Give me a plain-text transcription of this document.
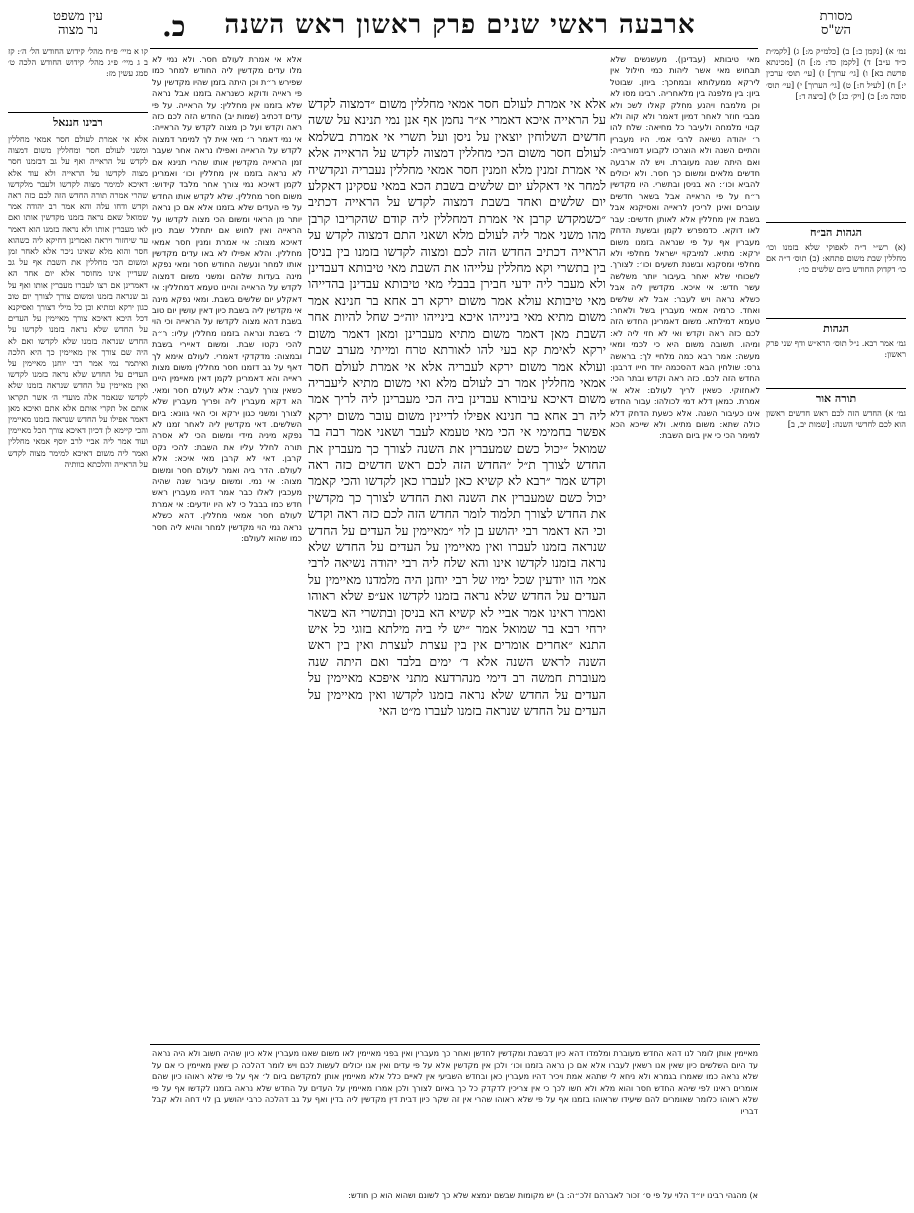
ארבעה ראשי שנים פרק ראשון ראש השנה
כ.
עין משפט
נר מצוה
מסורת
הש"ס
קו א מיי׳ פ״ח מהל׳ קידוש החודש הל׳ ה׳: קז ב ג מיי׳ פ״ג מהל׳ קידוש החודש הלכה ט׳ סמג עשין מז:
רבינו חננאל
אלא אי אמרת לעולם חסר אמאי מחללין ומשני לעולם חסר ומחללין משום דמצוה לקדש על הראייה ואף על גב דבזמנו חסר מצוה לקדשו על הראייה ולא עוד אלא דאיכא למימר מצוה לקדשו ולעבר מלקדשו שהרי אמרה תורה החדש הזה לכם כזה ראה וקדש ודחו עלה והא אמר רב יהודה אמר שמואל שאם נראה בזמנו מקדשין אותו ואם לאו מעברין אותו ולא נראה בזמנו הוא דאמר עד שיחזור ויראה ואמרינן דחיקא ליה כשהוא חסר והוא מלא שאינו ניכר אלא לאחר זמן ומשום הכי מחללין את השבת אף על גב שעדיין אינו מחוסר אלא יום אחד הא דאמרינן אם רצו לעברו מעברין אותו ואף על גב שנראה בזמנו ומשום צורך לצורך יום טוב כגון ירקא ומתיא וכן כל מילי דצורך ואסיקנא דכל היכא דאיכא צורך מאיימין על העדים על החדש שלא נראה בזמנו לקדשו על החדש שנראה בזמנו שלא לקדשו ואם לא היה שם צורך אין מאיימין כך היא הלכה ואיתמר נמי אמר רבי יוחנן מאיימין על העדים על החדש שלא נראה בזמנו לקדשו ואין מאיימין על החדש שנראה בזמנו שלא לקדשו שנאמר אלה מועדי ה׳ אשר תקראו אותם אל תקרי אותם אלא אתם ואיכא מאן דאמר אפילו על החדש שנראה בזמנו מאיימין והכי קיימא לן דכיון דאיכא צורך הכל מאיימין ועוד אמר ליה אביי לרב יוסף אמאי מחללין ואמר ליה משום דאיכא למימר מצוה לקדש על הראייה והלכתא כוותיה
נמ׳ א) [נקמן כ:] ב) [כלמ״ק מ:] ג) [לקמ״ת כ״ד ע״ב] ד) [לקמן כד: מ:] ה) [מכינתא פרשת בא] ו) [גי׳ ערוך] ז) [עי׳ תוס׳ ערכין י:] ח) [לעיל ח:] ט) [גי׳ הערוך] י) [עי׳ תוס׳ סוכה מ:] כ) [ויק׳ כג] ל) [ביצה ד:]
הגהות הב״ח
(א) רש״י ד״ה לאפוקי שלא בזמנו וכו׳ מחללין שבת משום פתחא: (ב) תוס׳ ד״ה אם כו׳ דקדוק החודש ביום שלשים כו׳:
הגהות
גמ׳ אמר רבא. נ״ל תוס׳ הרא״ש ודף שני פרק ראשון:
תורה אור
גמ׳ א) החדש הזה לכם ראש חדשים ראשון הוא לכם לחדשי השנה: [שמות יב, ב]
מאי טיבותא (עבדינן). מעשנשים שלא תבחוש מאי אשר ליהות כמי חילול אין לירקא ממעלותא ובמחכך: ביוזן. שבוטל ביון: בין מלפנה בין מלאחריה. רבינו מסו לא וכן מלמבח ויהנע מחלק קאלו לשכ ולא מבבי חוזר לאחר דמיון דאמר ולא קוה ולא קבוי מלמחה ולעיבר כל מחיאה: שלח להו ר׳ יהודה נשיאה לרבי אמי. היו מעברין והתיים השנה ולא הוצרכו לקבוע דמורבייה: ואם היתה שנה מעוברת. ויש לה ארבעה חדשים מלאים ומשום כך חסר. ולא יכולים להביא וכו׳: הא בניסן ובתשרי. היו מקדשין ר״ח על פי הראייה אבל בשאר חדשים עוברים ואינן לריכין לראייה ואסיקנא אבל בשבת אין מחללין אלא לאותן חדשים: עבר לאו דוקא. כדמפרש לקמן ובשעת הדחק מעברין אף על פי שנראה בזמנו משום ירקא: מתיא. למיבקוי ישראל מחלפי ולא מחלפי ומסקנא ובשנת תשעים וכו׳: לצורך. לשכוחי שלא יאחר בעיבור יותר משלשה עשר חדש: אי איכא. מקדשין ליה אבל כשלא נראה ויש לעבר: אבל לא שלשים ואחד. כרמיה אמאי מעברין בשל ולאחר: טעמא דמילתא. משום דאמרינן החדש הזה לכם כזה ראה וקדש ואי לא חזי ליה לא: ומיהו. תשובה משום היא כי לכמי ומאי מעשה: אמר רבא כמה מלחיי לך: בראשה גרס: שולחין הבא דהסכמה יחד חייו דרבנן: החדש הזה לכם. כזה ראה וקדש ובתר הכי: לאחזוקי. כשאין לריך לעולם: אלא אי אמרת. כמאן דלא דמי לכולהו: עבור החדש אינו כעיבור השנה. אלא כשעת הדחק דלא כולה שתא: משום מתיא. ולא שייכא הכא למימר הכי כי אין ביום השבת:
אלא אי אמרת לעולם חסר. ולא נמי לא מלו עדים מקדשין ליה החודש למחר כמו שפירש ר״ת וכן היתה בזמן שהיו מקדשין על פי ראייה ודוקא כשנראה בזמנו אבל נראה שלא בזמנו אין מחללין: על הראייה. על פי עדים דכתיב (שמות יב) החדש הזה לכם כזה ראה וקדש ועל כן מצוה לקדש על הראייה: אי נמי דאמר ר׳ מאי אית לך למימר דמצוה לקדש על הראייה ואפילו נראה אחר שעבר זמן הראייה מקדשין אותו שהרי תנינא אם לא נראה בזמנו אין מחללין וכו׳ ואמרינן לקמן דאיכא נמי צורך אחר מלבד קידוש: משום חסר מחללין. שלא לקדש אותו החדש על פי העדים שלא בזמנו אלא אם כן נראה יותר מן הראוי ומשום הכי מצוה לקדשו על הראייה ואין לחוש אם יתחלל שבת כיון דאיכא מצוה: אי אמרת ומנין חסר אמאי מחללין. והלא אפילו לא באו עדים מקדשין אותו למחר ונעשה החודש חסר ומאי נפקא מינה בעדות שלהם ומשני משום דמצוה לקדש על הראייה והיינו טעמא דמחללין: אי דאקלע יום שלשים בשבת. ומאי נפקא מינה אי מקדשין ליה בשבת כיון דאין עושין יום טוב בשבת דהא מצוה לקדשו על הראייה וכי הוי ל׳ בשבת ונראה בזמנו מחללין עליו: ר״ה להכי נקטו שבת. ומשום דאיירי בשבת ובמצוה: מדקדקי דאמרי. לעולם אימא לך דאף על גב דזמנו חסר מחללין משום מצות ראייה והא דאמרינן לקמן דאין מאיימין היינו כשאין צורך לעבר: אלא לעולם חסר ומאי. הא דקא מעברין ליה ופריך מעברין שלא לצורך ומשני כגון ירקא וכי האי גוונא: ביום השלשים. דאי מקדשין ליה לאחר זמנו לא נפקא מיניה מידי ומשום הכי לא אסרה תורה לחלל עליו את השבת: להכי נקט קרבן. דאי לא קרבן מאי איכא: אלא לעולם. הדר ביה ואמר לעולם חסר ומשום מצוה: אי נמי. ומשום עיבור שנה שהיה מעכבין לאלו כבר אמר דהיו מעברין ראש חדש כמו בבבל כי לא היו יודעים: אי אמרת לעולם חסר אמאי מחללין. דהא כשלא נראה נמי הוי מקדשין למחר והויא ליה חסר כמו שהוא לעולם:
אלא אי אמרת לעולם חסר אמאי מחללין משום ״דמצוה לקדש על הראייה איכא דאמרי א״ר נחמן אף אנן נמי תנינא על ששה חדשים השלוחין יוצאין על ניסן ועל תשרי אי אמרת בשלמא לעולם חסר משום הכי מחללין דמצוה לקדש על הראייה אלא אי אמרת זמנין מלא וזמנין חסר אמאי מחללין נעבריה ונקדשיה למחר אי דאקלע יום שלשים בשבת הכא במאי עסקינן דאקלע יום שלשים ואחד בשבת דמצוה לקדש על הראייה דכתיב ״כשמקדש קרבן אי אמרת דמחללין ליה קודם שהקריבו קרבן מהו משני אמר ליה לעולם מלא ושאני התם דמצוה לקדש על הראייה דכתיב החדש הזה לכם ומצוה לקדשו בזמנו בין בניסן בין בתשרי וקא מחללין עלייהו את השבת מאי טיבותא דעבדינן ולא מעבר ליה ידעי חבירן בבבלי מאי טיבותא עבדינן בהדייהו מאי טיבותא עולא אמר משום ירקא רב אחא בר חנינא אמר משום מתיא מאי בינייהו איכא בינייהו יוה״כ שחל להיות אחר השבת מאן דאמר משום מתיא מעברינן ומאן דאמר משום ירקא לאימת קא בעי להו לאורתא טרח ומייתי מערב שבת ועולא אמר משום ירקא לעבריה אלא אי אמרת לעולם חסר אמאי מחללין אמר רב לעולם מלא ואי משום מתיא ליעבריה משום דאיכא עיבורא עבדינן ביה הכי מעברינן ליה לריך אמר ליה רב אחא בר חנינא אפילו לדיינין משום עובר משום ירקא אפשר בחמימי אי הכי מאי טעמא לעבר ושאני אמר רבה בר שמואל ״יכול כשם שמעברין את השנה לצורך כך מעברין את החדש לצורך ת״ל ״החדש הזה לכם ראש חדשים כזה ראה וקדש אמר ״רבא לא קשיא כאן לעברו כאן לקדשו והכי קאמר יכול כשם שמעברין את השנה ואת החדש לצורך כך מקדשין את החדש לצורך תלמוד לומר החדש הזה לכם כזה ראה וקדש וכי הא דאמר רבי יהושע בן לוי ״מאיימין על העדים על החדש שנראה בזמנו לעברו ואין מאיימין על העדים על החדש שלא נראה בזמנו לקדשו אינו והא שלח ליה רבי יהודה נשיאה לרבי אמי הוו יודעין שכל ימיו של רבי יוחנן היה מלמדנו מאיימין על העדים על החדש שלא נראה בזמנו לקדשו אע״פ שלא ראוהו ואמרו ראינו אמר אביי לא קשיא הא בניסן ובתשרי הא בשאר ירחי רבא בר שמואל אמר ״יש לי ביה מילתא בזוגי כל איש התנא ״אחרים אומרים אין בין עצרת לעצרת ואין בין ראש השנה לראש השנה אלא ד׳ ימים בלבד ואם היתה שנה מעוברת חמשה רב דימי מנהרדעא מתני איפכא מאיימין על העדים על החדש שלא נראה בזמנו לקדשו ואין מאיימין על העדים על החדש שנראה בזמנו לעברו מ״ט האי
מאיימין אותן לומר לנו דהא החדש מעוברת ומלמדו דהא כיון דבשבת ומקדשין לחדשן ואחר כך מעברין ואין בפני מאיימין לאו משום שאנו מעברין אלא כיון שהיה חשוב ולא היה נראה עד היום השלשים כיון שאין אנו רשאין לעברו אלא אם כן נראה בזמנו וכו׳ ולכן אין מקדשין אלא על פי עדים ואין אנו יכולים לעשות לכם ויש לומר דהלכה כן שאין מאיימין כי אם על שלא נראה כמו שאמרו בגמרא ולא ניחא לי שתהא אמת ויכיר דהיו מעברין כאן ובחדש השביעי אין לאיים כלל אלא מאיימין אותן למקדשם ביום ל׳ אף על פי שלא ראוהו כיון שהם אומרים ראינו לפי שיהא החדש חסר והוא מלא ולא חשו לכך כי אין צריכין לדקדק כל כך באיום לצורך ולכן אמרו מאיימין על העדים על החדש שלא נראה בזמנו לקדשו אף על פי שלא ראוהו כלומר שאומרים להם שיעידו שראוהו בזמנו אף על פי שלא ראוהו שהרי אין זה שקר כיון דבית דין מקדשין ליה בדין ואף על גב דהלכה כרבי יהושע בן לוי דחה ולא קבל דבריו
א) מהגהי רבינו יו״ד הלוי על פי ס׳ זכור לאברהם זלכ״ה: ב) יש מקומות שבשם ינמצא שלא כך לשונם ושהוא הוא כן חודש:
